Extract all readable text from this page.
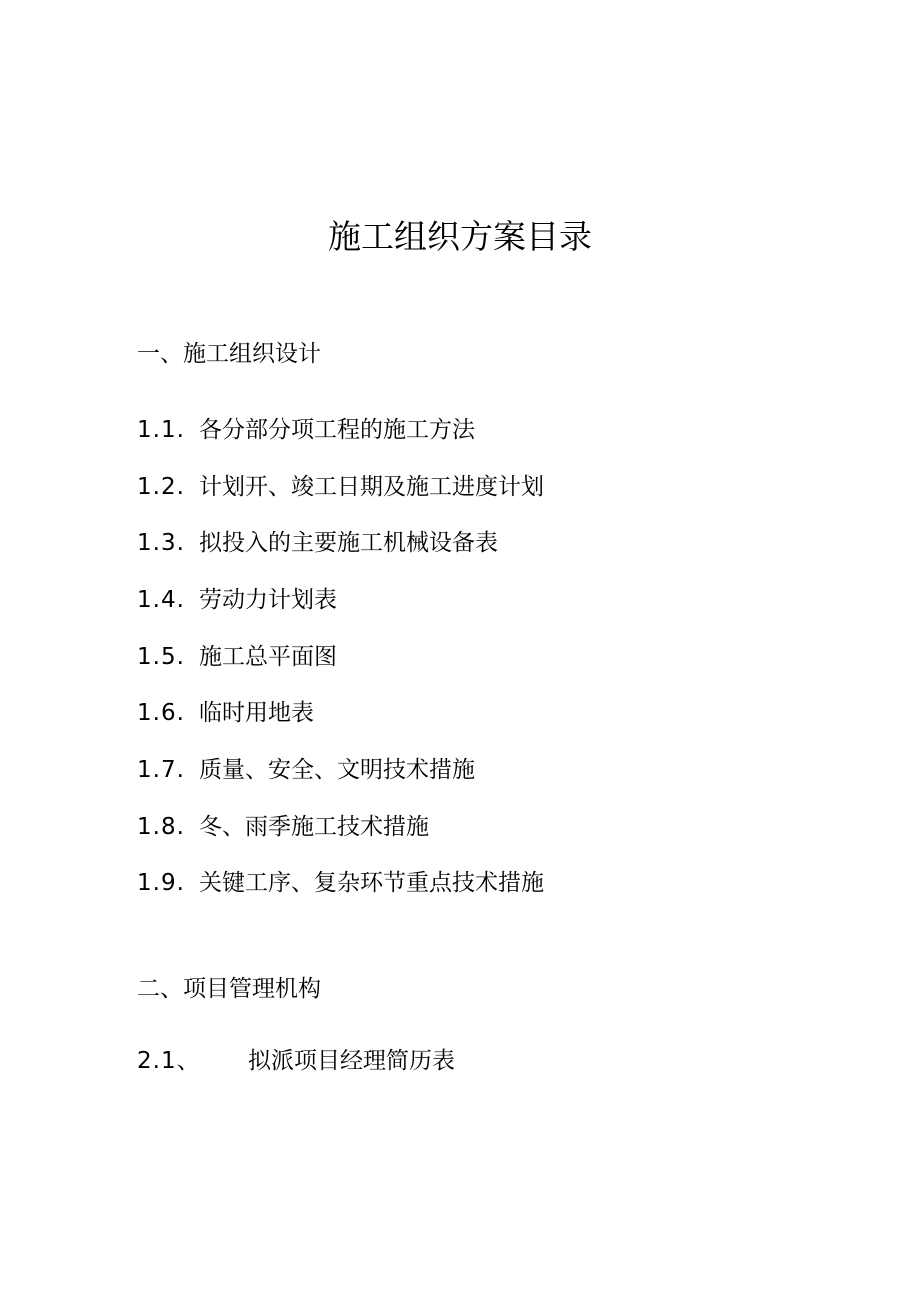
施工组织方案目录
一、施工组织设计
1.1. 各分部分项工程的施工方法
1.2. 计划开、竣工日期及施工进度计划
1.3. 拟投入的主要施工机械设备表
1.4. 劳动力计划表
1.5. 施工总平面图
1.6. 临时用地表
1.7. 质量、安全、文明技术措施
1.8. 冬、雨季施工技术措施
1.9. 关键工序、复杂环节重点技术措施
二、项目管理机构
2.1、 拟派项目经理简历表
